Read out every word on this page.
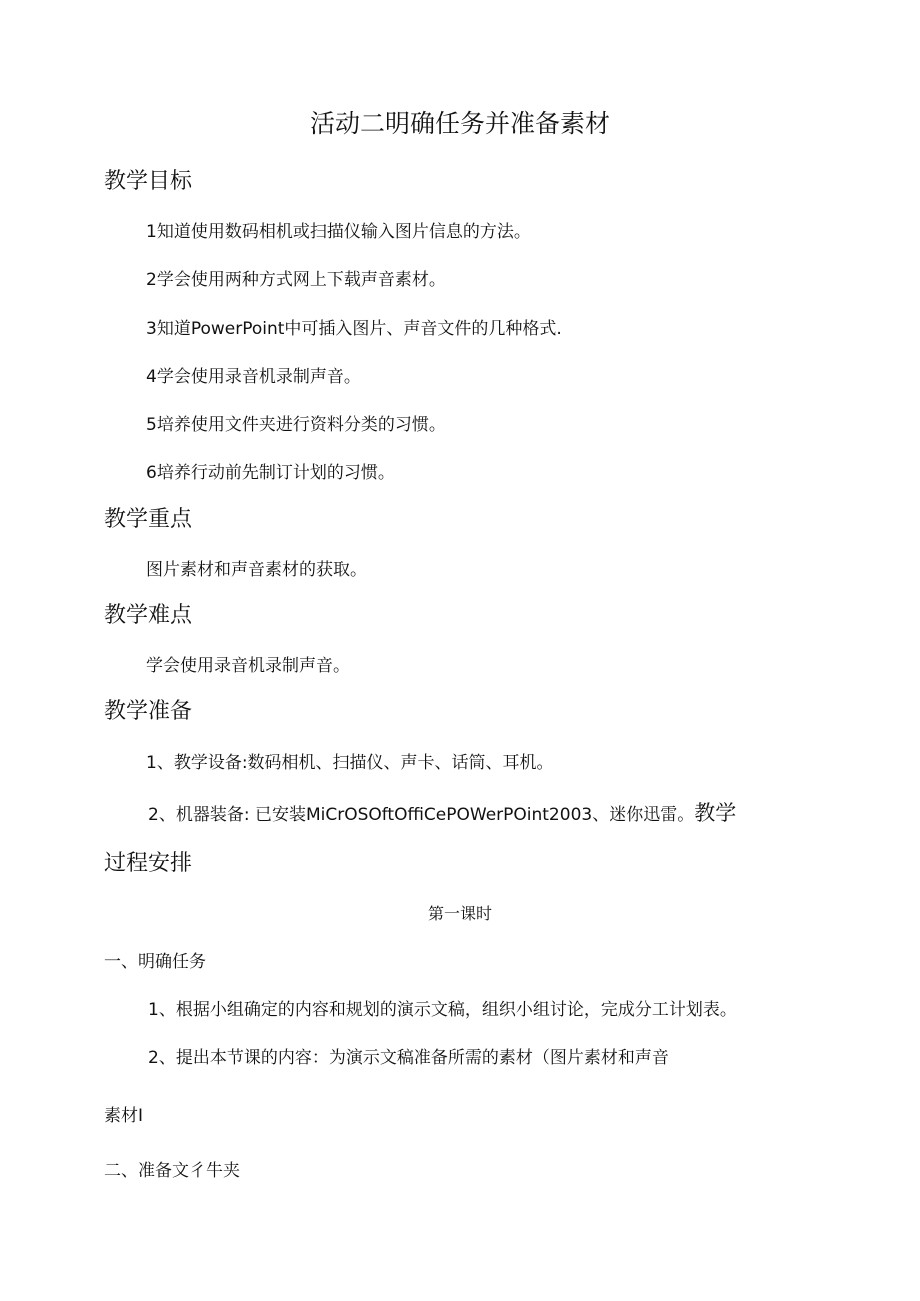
活动二明确任务并准备素材
教学目标
1知道使用数码相机或扫描仪输入图片信息的方法。
2学会使用两种方式网上下载声音素材。
3知道PowerPoint中可插入图片、声音文件的几种格式.
4学会使用录音机录制声音。
5培养使用文件夹进行资料分类的习惯。
6培养行动前先制订计划的习惯。
教学重点
图片素材和声音素材的获取。
教学难点
学会使用录音机录制声音。
教学准备
1、教学设备:数码相机、扫描仪、声卡、话筒、耳机。
2、机器装备: 已安装MiCrOSOftOffiCePOWerPOint2003、迷你迅雷。教学
过程安排
第一课时
一、明确任务
1、根据小组确定的内容和规划的演示文稿，组织小组讨论，完成分工计划表。
2、提出本节课的内容：为演示文稿准备所需的素材（图片素材和声音
素材I
二、准备文彳牛夹
